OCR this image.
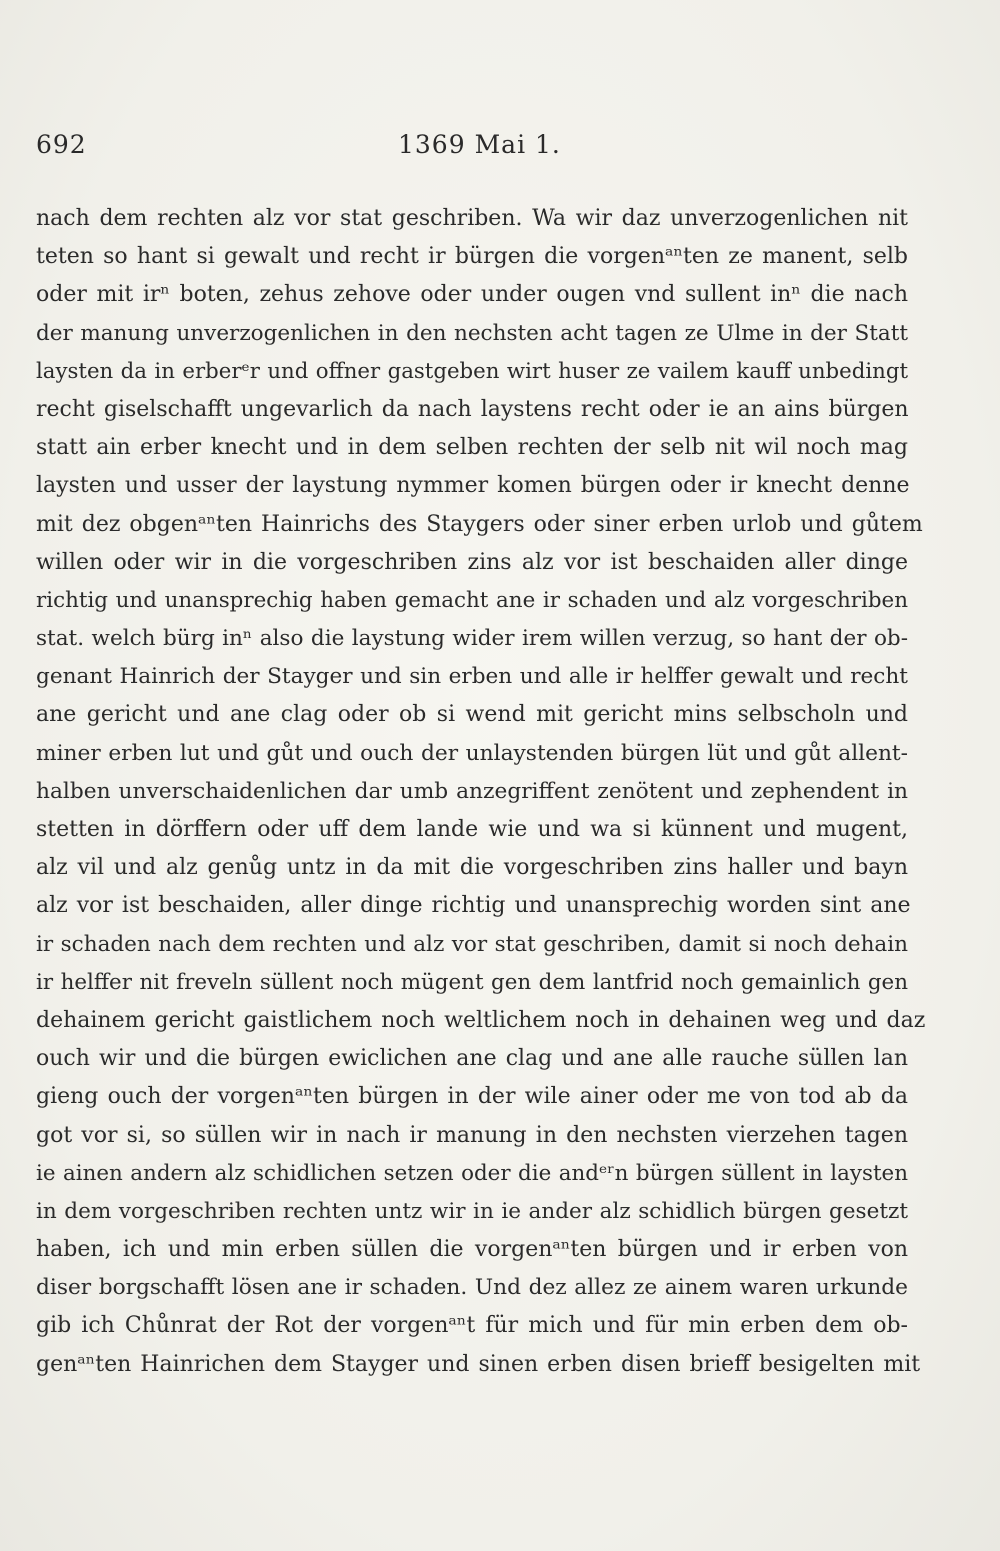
692	1369 Mai 1.
nach dem rechten alz vor stat geschriben. Wa wir daz unverzogenlichen nit
teten so hant si gewalt und recht ir bürgen die vorgenᵃⁿten ze manent, selb
oder mit irⁿ boten, zehus zehove oder under ougen vnd sullent inⁿ die nach
der manung unverzogenlichen in den nechsten acht tagen ze Ulme in der Statt
laysten da in erberᵉr und offner gastgeben wirt huser ze vailem kauff unbedingt
recht giselschafft ungevarlich da nach laystens recht oder ie an ains bürgen
statt ain erber knecht und in dem selben rechten der selb nit wil noch mag
laysten und usser der laystung nymmer komen bürgen oder ir knecht denne
mit dez obgenᵃⁿten Hainrichs des Staygers oder siner erben urlob und gůtem
willen oder wir in die vorgeschriben zins alz vor ist beschaiden aller dinge
richtig und unansprechig haben gemacht ane ir schaden und alz vorgeschriben
stat. welch bürg inⁿ also die laystung wider irem willen verzug, so hant der ob-
genant Hainrich der Stayger und sin erben und alle ir helffer gewalt und recht
ane gericht und ane clag oder ob si wend mit gericht mins selbscholn und
miner erben lut und gůt und ouch der unlaystenden bürgen lüt und gůt allent-
halben unverschaidenlichen dar umb anzegriffent zenötent und zephendent in
stetten in dörffern oder uff dem lande wie und wa si künnent und mugent,
alz vil und alz genůg untz in da mit die vorgeschriben zins haller und bayn
alz vor ist beschaiden, aller dinge richtig und unansprechig worden sint ane
ir schaden nach dem rechten und alz vor stat geschriben, damit si noch dehain
ir helffer nit freveln süllent noch mügent gen dem lantfrid noch gemainlich gen
dehainem gericht gaistlichem noch weltlichem noch in dehainen weg und daz
ouch wir und die bürgen ewiclichen ane clag und ane alle rauche süllen lan
gieng ouch der vorgenᵃⁿten bürgen in der wile ainer oder me von tod ab da
got vor si, so süllen wir in nach ir manung in den nechsten vierzehen tagen
ie ainen andern alz schidlichen setzen oder die andᵉʳn bürgen süllent in laysten
in dem vorgeschriben rechten untz wir in ie ander alz schidlich bürgen gesetzt
haben, ich und min erben süllen die vorgenᵃⁿten bürgen und ir erben von
diser borgschafft lösen ane ir schaden. Und dez allez ze ainem waren urkunde
gib ich Chůnrat der Rot der vorgenᵃⁿt für mich und für min erben dem ob-
genᵃⁿten Hainrichen dem Stayger und sinen erben disen brieff besigelten mit
